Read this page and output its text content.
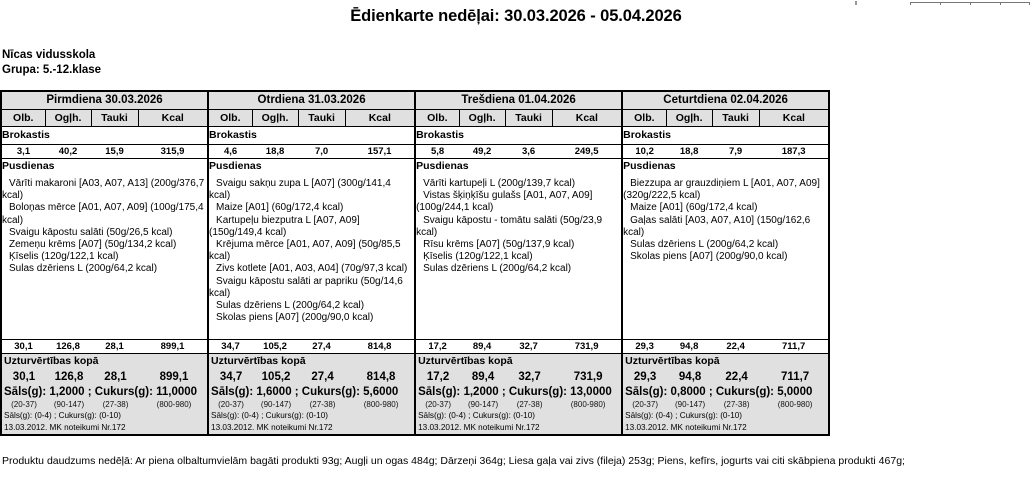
Ēdienkarte nedēļai: 30.03.2026 - 05.04.2026
Nīcas vidusskola
Grupa: 5.-12.klase
Pirmdiena 30.03.2026	Otrdiena 31.03.2026	Trešdiena 01.04.2026	Ceturtdiena 02.04.2026
Olb.	Ogļh.	Tauki	Kcal	Olb.	Ogļh.	Tauki	Kcal	Olb.	Ogļh.	Tauki	Kcal	Olb.	Ogļh.	Tauki	Kcal
Brokastis	Brokastis	Brokastis	Brokastis
3,1	40,2	15,9	315,9	4,6	18,8	7,0	157,1	5,8	49,2	3,6	249,5	10,2	18,8	7,9	187,3

Pusdienas
Vārīti makaroni [A03, A07, A13] (200g/376,7 kcal)
Boloņas mērce [A01, A07, A09] (100g/175,4 kcal)
Svaigu kāpostu salāti (50g/26,5 kcal)
Zemeņu krēms [A07] (50g/134,2 kcal)
Ķīselis (120g/122,1 kcal)
Sulas dzēriens L (200g/64,2 kcal)

Pusdienas
Svaigu sakņu zupa L [A07] (300g/141,4 kcal)
Maize [A01] (60g/172,4 kcal)
Kartupeļu biezputra L [A07, A09] (150g/149,4 kcal)
Krējuma mērce [A01, A07, A09] (50g/85,5 kcal)
Zivs kotlete [A01, A03, A04] (70g/97,3 kcal)
Svaigu kāpostu salāti ar papriku (50g/14,6 kcal)
Sulas dzēriens L (200g/64,2 kcal)
Skolas piens [A07] (200g/90,0 kcal)

Pusdienas
Vārīti kartupeļi L (200g/139,7 kcal)
Vistas šķiņķīšu gulašs [A01, A07, A09] (100g/244,1 kcal)
Svaigu kāpostu - tomātu salāti (50g/23,9 kcal)
Rīsu krēms [A07] (50g/137,9 kcal)
Ķīselis (120g/122,1 kcal)
Sulas dzēriens L (200g/64,2 kcal)

Pusdienas
Biezzupa ar grauzdiņiem L [A01, A07, A09] (320g/222,5 kcal)
Maize [A01] (60g/172,4 kcal)
Gaļas salāti [A03, A07, A10] (150g/162,6 kcal)
Sulas dzēriens L (200g/64,2 kcal)
Skolas piens [A07] (200g/90,0 kcal)

30,1	126,8	28,1	899,1	34,7	105,2	27,4	814,8	17,2	89,4	32,7	731,9	29,3	94,8	22,4	711,7

Uzturvērtības kopā
30,1	126,8	28,1	899,1
Sāls(g): 1,2000 ; Cukurs(g): 11,0000
(20-37)	(90-147)	(27-38)	(800-980)
Sāls(g): (0-4) ; Cukurs(g): (0-10)
13.03.2012. MK noteikumi Nr.172

Uzturvērtības kopā
34,7	105,2	27,4	814,8
Sāls(g): 1,6000 ; Cukurs(g): 5,6000
(20-37)	(90-147)	(27-38)	(800-980)
Sāls(g): (0-4) ; Cukurs(g): (0-10)
13.03.2012. MK noteikumi Nr.172

Uzturvērtības kopā
17,2	89,4	32,7	731,9
Sāls(g): 1,2000 ; Cukurs(g): 13,0000
(20-37)	(90-147)	(27-38)	(800-980)
Sāls(g): (0-4) ; Cukurs(g): (0-10)
13.03.2012. MK noteikumi Nr.172

Uzturvērtības kopā
29,3	94,8	22,4	711,7
Sāls(g): 0,8000 ; Cukurs(g): 5,0000
(20-37)	(90-147)	(27-38)	(800-980)
Sāls(g): (0-4) ; Cukurs(g): (0-10)
13.03.2012. MK noteikumi Nr.172
Produktu daudzums nedēļā: Ar piena olbaltumvielām bagāti produkti 93g; Augļi un ogas 484g; Dārzeņi 364g; Liesa gaļa vai zivs (fileja) 253g; Piens, kefīrs, jogurts vai citi skābpiena produkti 467g;
